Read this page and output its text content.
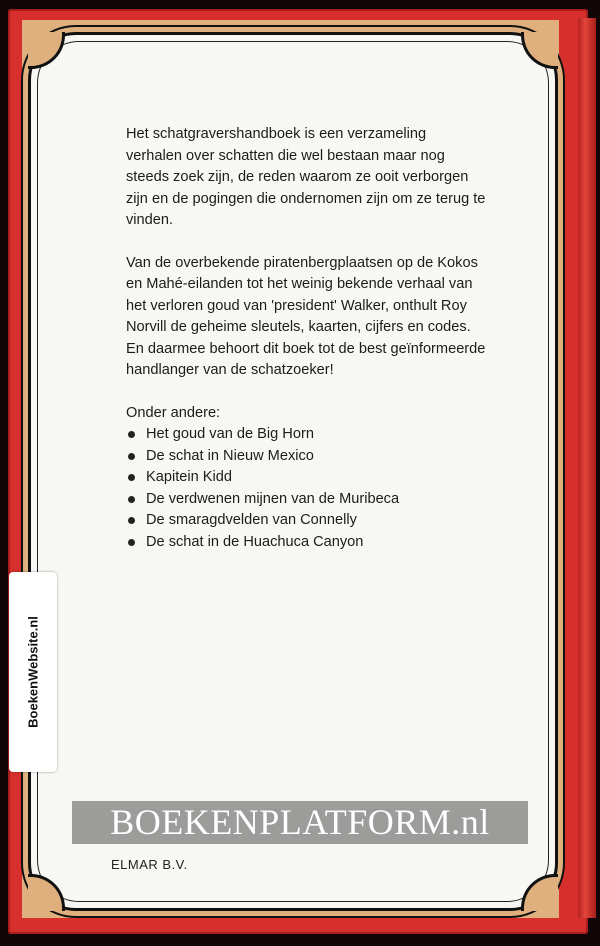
Het schatgravershandboek is een verzameling verhalen over schatten die wel bestaan maar nog steeds zoek zijn, de reden waarom ze ooit verborgen zijn en de pogingen die ondernomen zijn om ze terug te vinden.

Van de overbekende piratenbergplaatsen op de Kokos en Mahé-eilanden tot het weinig bekende verhaal van het verloren goud van 'president' Walker, onthult Roy Norvill de geheime sleutels, kaarten, cijfers en codes.

En daarmee behoort dit boek tot de best geïnformeerde handlanger van de schatzoeker!

Onder andere:

Het goud van de Big Horn
De schat in Nieuw Mexico
Kapitein Kidd
De verdwenen mijnen van de Muribeca
De smaragdvelden van Connelly
De schat in de Huachuca Canyon
BoekenWebsite.nl
BOEKENPLATFORM.nl
ELMAR B.V.
